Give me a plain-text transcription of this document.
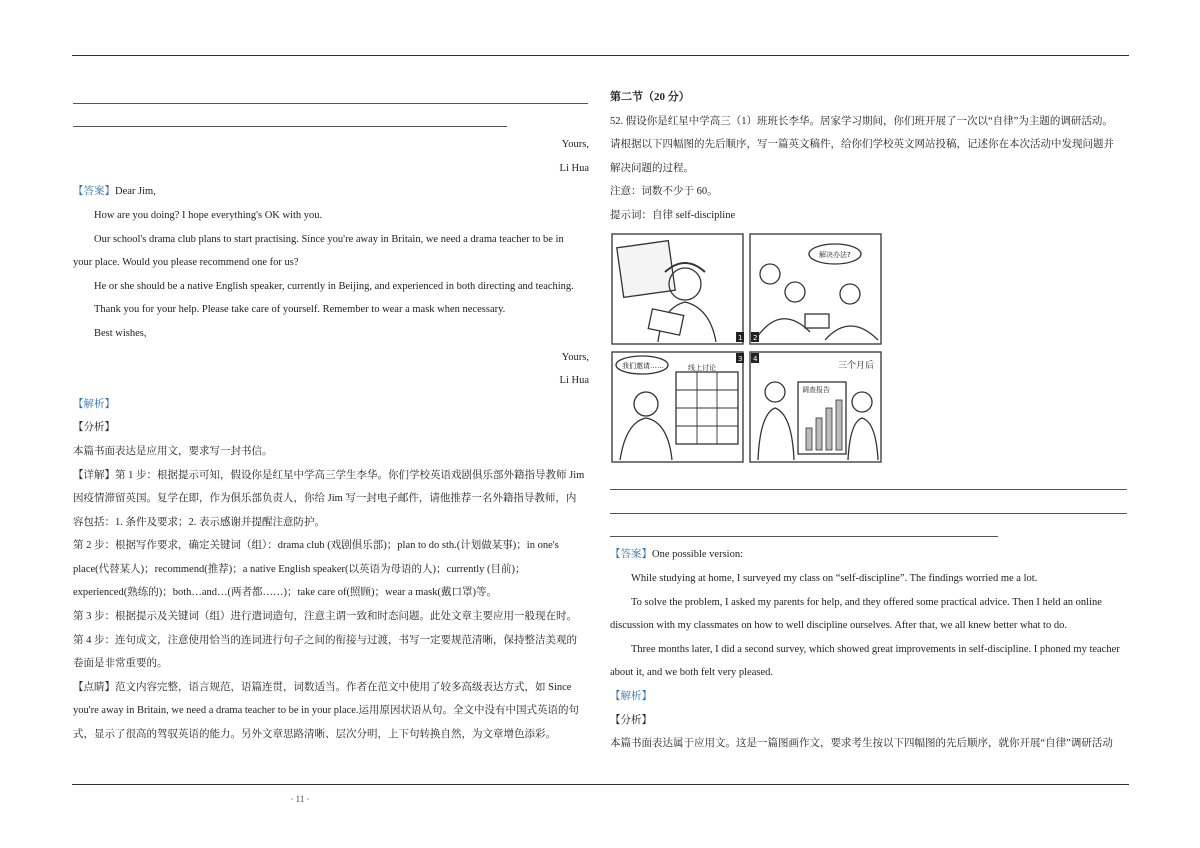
Yours,
Li Hua
【答案】Dear Jim,
How are you doing? I hope everything's OK with you.
Our school's drama club plans to start practising. Since you're away in Britain, we need a drama teacher to be in
your place. Would you please recommend one for us?
He or she should be a native English speaker, currently in Beijing, and experienced in both directing and teaching.
Thank you for your help. Please take care of yourself. Remember to wear a mask when necessary.
Best wishes,
Yours,
Li Hua
【解析】
【分析】
本篇书面表达是应用文，要求写一封书信。
【详解】第 1 步：根据提示可知，假设你是红星中学高三学生李华。你们学校英语戏剧俱乐部外籍指导教师 Jim
因疫情滞留英国。复学在即，作为俱乐部负责人，你给 Jim 写一封电子邮件，请他推荐一名外籍指导教师，内
容包括：1. 条件及要求；2. 表示感谢并提醒注意防护。
第 2 步：根据写作要求，确定关键词（组）：drama club (戏剧俱乐部)；plan to do sth.(计划做某事)；in one's
place(代替某人)；recommend(推荐)；a native English speaker(以英语为母语的人)；currently (目前)；
experienced(熟练的)；both…and…(两者都……)；take care of(照顾)；wear a mask(戴口罩)等。
第 3 步：根据提示及关键词（组）进行遣词造句，注意主谓一致和时态问题。此处文章主要应用一般现在时。
第 4 步：连句成文，注意使用恰当的连词进行句子之间的衔接与过渡，书写一定要规范清晰，保持整洁美观的
卷面是非常重要的。
【点睛】范文内容完整，语言规范，语篇连贯，词数适当。作者在范文中使用了较多高级表达方式，如 Since
you're away in Britain, we need a drama teacher to be in your place.运用原因状语从句。全文中没有中国式英语的句
式，显示了很高的驾驭英语的能力。另外文章思路清晰、层次分明，上下句转换自然，为文章增色添彩。
第二节（20 分）
52. 假设你是红星中学高三（1）班班长李华。居家学习期间，你们班开展了一次以“自律”为主题的调研活动。
请根据以下四幅图的先后顺序，写一篇英文稿件，给你们学校英文网站投稿，记述你在本次活动中发现问题并
解决问题的过程。
注意：词数不少于 60。
提示词：自律 self-discipline
解决办法?
我们邀请……	线上讨论
调查报告
三个月后
1 2
3 4
【答案】One possible version:
While studying at home, I surveyed my class on “self-discipline”. The findings worried me a lot.
To solve the problem, I asked my parents for help, and they offered some practical advice. Then I held an online
discussion with my classmates on how to well discipline ourselves. After that, we all knew better what to do.
Three months later, I did a second survey, which showed great improvements in self-discipline. I phoned my teacher
about it, and we both felt very pleased.
【解析】
【分析】
本篇书面表达属于应用文。这是一篇图画作文，要求考生按以下四幅图的先后顺序，就你开展“自律”调研活动
· 11 ·
